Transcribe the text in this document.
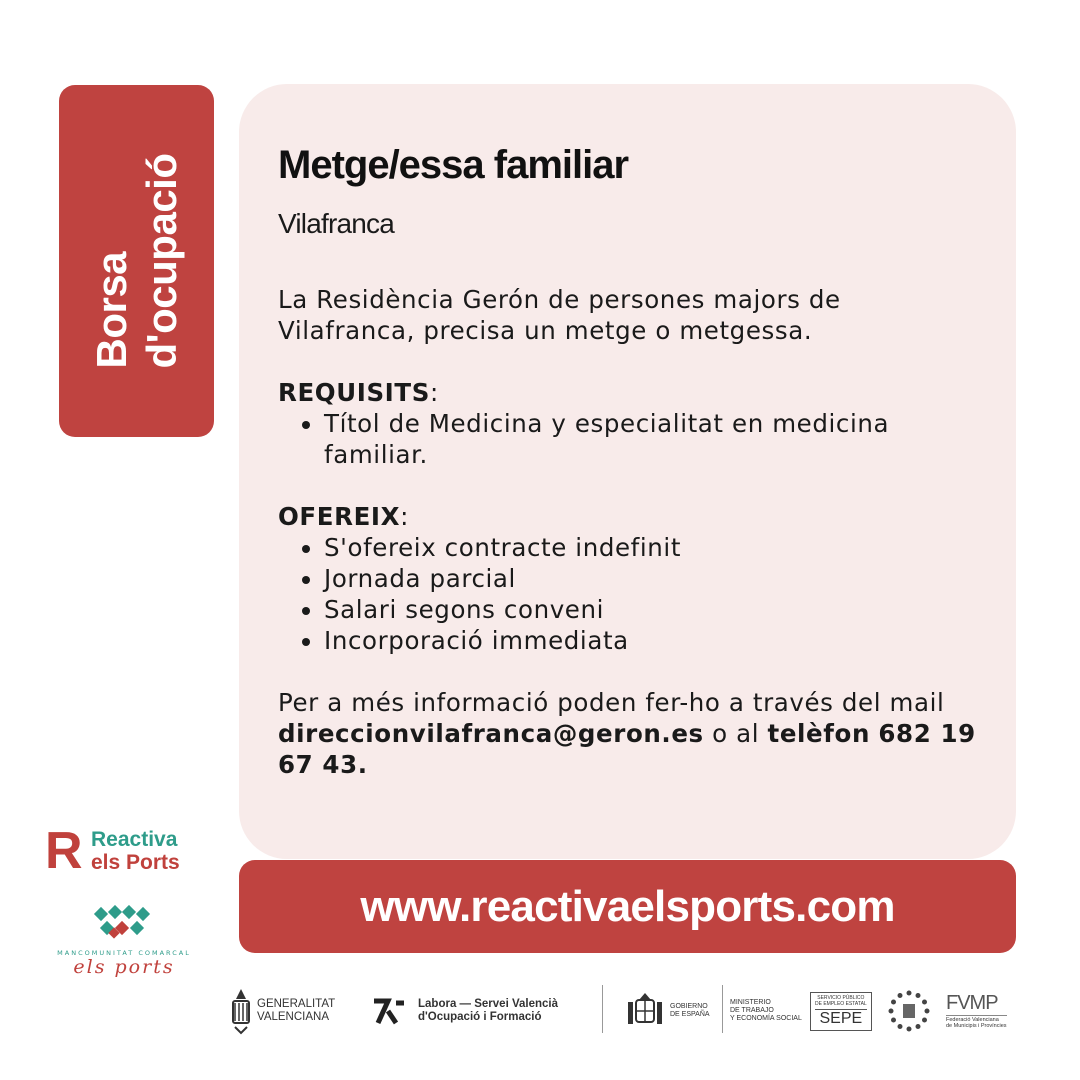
Borsa d'ocupació Metge/essa familiar
Vilafranca

La Residència Gerón de persones majors de Vilafranca, precisa un metge o metgessa.

REQUISITS:

• Títol de Medicina y especialitat en medicina familiar.

OFEREIX:

• S'ofereix contracte indefinit
• Jornada parcial
• Salari segons conveni
• Incorporació immediata

Per a més informació poden fer-ho a través del mail direccionvilafranca@geron.es o al telèfon 682 19 67 43.

www.reactivaelsports.com
R Reactiva
els Ports
MANCOMUNITAT COMARCAL
els ports
GENERALITAT
VALENCIANA
Labora — Servei Valencià
d'Ocupació i Formació
GOBIERNO
DE ESPAÑA
MINISTERIO
DE TRABAJO
Y ECONOMÍA SOCIAL
SERVICIO PÚBLICO
DE EMPLEO ESTATAL
SEPE
FVMP
Federació Valenciana
de Municipis i Províncies
